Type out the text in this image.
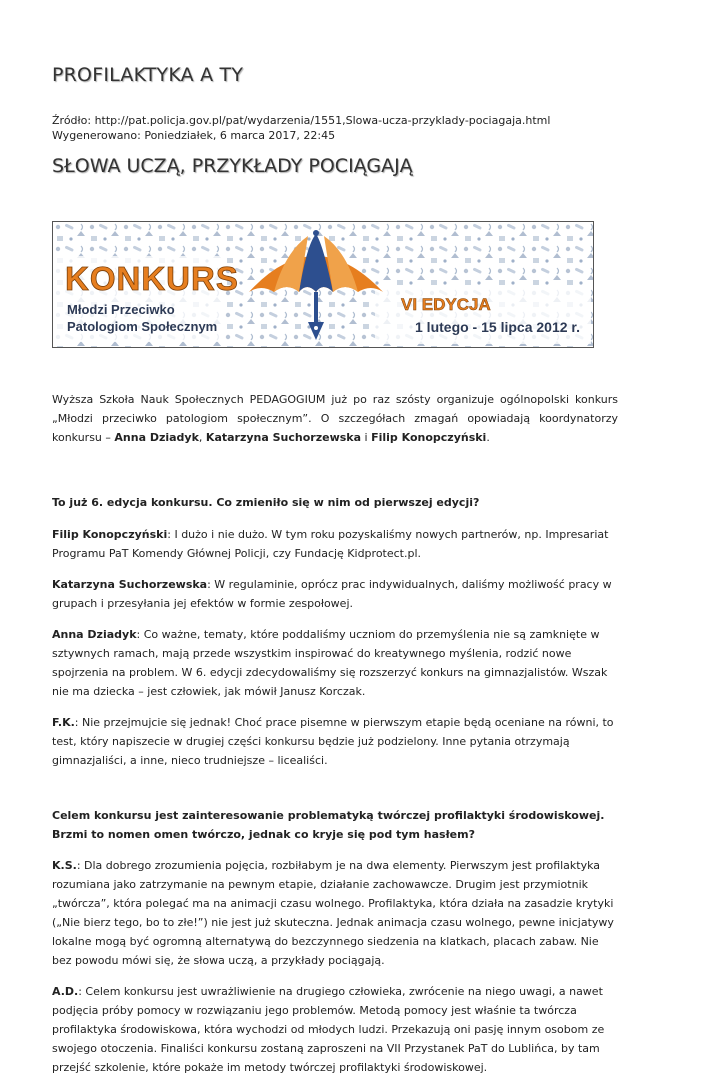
PROFILAKTYKA A TY
Źródło: http://pat.policja.gov.pl/pat/wydarzenia/1551,Slowa-ucza-przyklady-pociagaja.html
Wygenerowano: Poniedziałek, 6 marca 2017, 22:45
SŁOWA UCZĄ, PRZYKŁADY POCIĄGAJĄ
KONKURS
Młodzi Przeciwko
Patologiom Społecznym
VI EDYCJA
1 lutego - 15 lipca 2012 r.

Wyższa Szkoła Nauk Społecznych PEDAGOGIUM już po raz szósty organizuje ogólnopolski konkurs „Młodzi przeciwko patologiom społecznym”. O szczegółach zmagań opowiadają koordynatorzy konkursu – Anna Dziadyk, Katarzyna Suchorzewska i Filip Konopczyński.

To już 6. edycja konkursu. Co zmieniło się w nim od pierwszej edycji?

Filip Konopczyński: I dużo i nie dużo. W tym roku pozyskaliśmy nowych partnerów, np. Impresariat Programu PaT Komendy Głównej Policji, czy Fundację Kidprotect.pl.

Katarzyna Suchorzewska: W regulaminie, oprócz prac indywidualnych, daliśmy możliwość pracy w grupach i przesyłania jej efektów w formie zespołowej.

Anna Dziadyk: Co ważne, tematy, które poddaliśmy uczniom do przemyślenia nie są zamknięte w sztywnych ramach, mają przede wszystkim inspirować do kreatywnego myślenia, rodzić nowe spojrzenia na problem. W 6. edycji zdecydowaliśmy się rozszerzyć konkurs na gimnazjalistów. Wszak nie ma dziecka – jest człowiek, jak mówił Janusz Korczak.

F.K.: Nie przejmujcie się jednak! Choć prace pisemne w pierwszym etapie będą oceniane na równi, to test, który napiszecie w drugiej części konkursu będzie już podzielony. Inne pytania otrzymają gimnazjaliści, a inne, nieco trudniejsze – licealiści.

Celem konkursu jest zainteresowanie problematyką twórczej profilaktyki środowiskowej. Brzmi to nomen omen twórczo, jednak co kryje się pod tym hasłem?

K.S.: Dla dobrego zrozumienia pojęcia, rozbiłabym je na dwa elementy. Pierwszym jest profilaktyka rozumiana jako zatrzymanie na pewnym etapie, działanie zachowawcze. Drugim jest przymiotnik „twórcza”, która polegać ma na animacji czasu wolnego. Profilaktyka, która działa na zasadzie krytyki („Nie bierz tego, bo to złe!”) nie jest już skuteczna. Jednak animacja czasu wolnego, pewne inicjatywy lokalne mogą być ogromną alternatywą do bezczynnego siedzenia na klatkach, placach zabaw. Nie bez powodu mówi się, że słowa uczą, a przykłady pociągają.

A.D.: Celem konkursu jest uwrażliwienie na drugiego człowieka, zwrócenie na niego uwagi, a nawet podjęcia próby pomocy w rozwiązaniu jego problemów. Metodą pomocy jest właśnie ta twórcza profilaktyka środowiskowa, która wychodzi od młodych ludzi. Przekazują oni pasję innym osobom ze swojego otoczenia. Finaliści konkursu zostaną zaproszeni na VII Przystanek PaT do Lublińca, by tam przejść szkolenie, które pokaże im metody twórczej profilaktyki środowiskowej.
